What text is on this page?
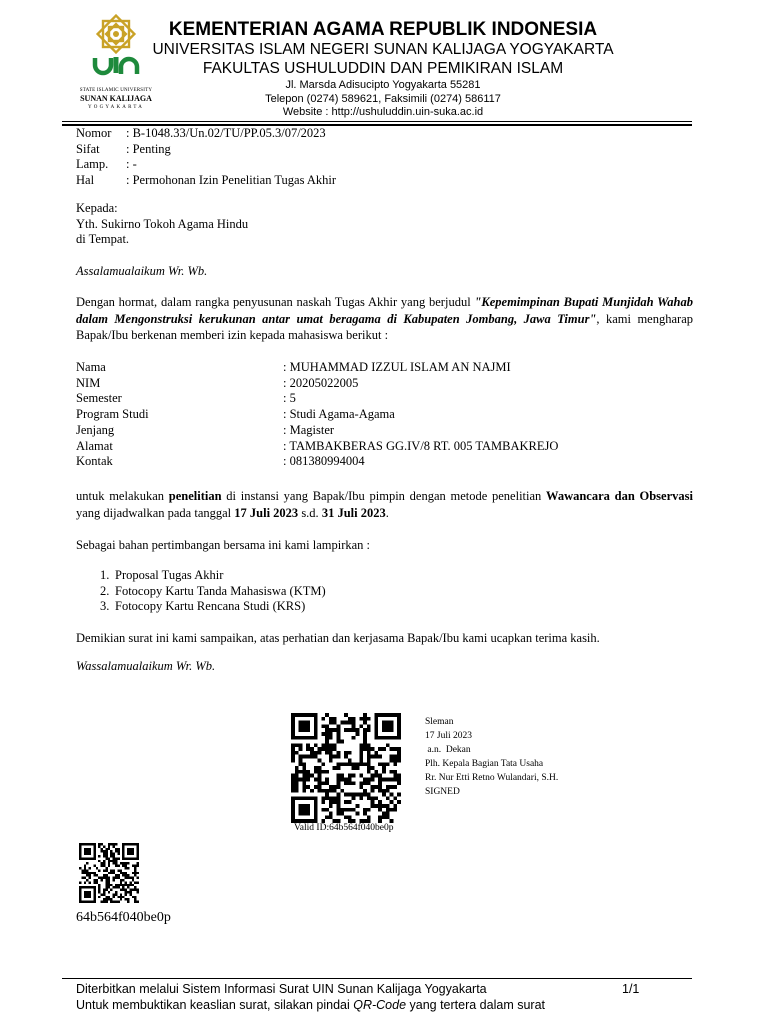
STATE ISLAMIC UNIVERSITY
SUNAN KALIJAGA
YOGYAKARTA
KEMENTERIAN AGAMA REPUBLIK INDONESIA
UNIVERSITAS ISLAM NEGERI SUNAN KALIJAGA YOGYAKARTA
FAKULTAS USHULUDDIN DAN PEMIKIRAN ISLAM
Jl. Marsda Adisucipto Yogyakarta 55281
Telepon (0274) 589621, Faksimili (0274) 586117
Website : http://ushuluddin.uin-suka.ac.id
Nomor : B-1048.33/Un.02/TU/PP.05.3/07/2023
Sifat : Penting
Lamp. : -
Hal	: Permohonan Izin Penelitian Tugas Akhir
Kepada:
Yth. Sukirno Tokoh Agama Hindu
di Tempat.
Assalamualaikum Wr. Wb.
Dengan hormat, dalam rangka penyusunan naskah Tugas Akhir yang berjudul "Kepemimpinan Bupati Munjidah Wahab dalam Mengonstruksi kerukunan antar umat beragama di Kabupaten Jombang, Jawa Timur", kami mengharap Bapak/Ibu berkenan memberi izin kepada mahasiswa berikut :
Nama	: MUHAMMAD IZZUL ISLAM AN NAJMI
NIM	: 20205022005
Semester	: 5
Program Studi	: Studi Agama-Agama
Jenjang	: Magister
Alamat	: TAMBAKBERAS GG.IV/8 RT. 005 TAMBAKREJO
Kontak	: 081380994004
untuk melakukan penelitian di instansi yang Bapak/Ibu pimpin dengan metode penelitian Wawancara dan Observasi yang dijadwalkan pada tanggal 17 Juli 2023 s.d. 31 Juli 2023.
Sebagai bahan pertimbangan bersama ini kami lampirkan :
1. Proposal Tugas Akhir
2. Fotocopy Kartu Tanda Mahasiswa (KTM)
3. Fotocopy Kartu Rencana Studi (KRS)
Demikian surat ini kami sampaikan, atas perhatian dan kerjasama Bapak/Ibu kami ucapkan terima kasih.
Wassalamualaikum Wr. Wb.
Valid ID:64b564f040be0p
Sleman
17 Juli 2023
a.n.  Dekan
Plh. Kepala Bagian Tata Usaha
Rr. Nur Etti Retno Wulandari, S.H.
SIGNED
64b564f040be0p
Diterbitkan melalui Sistem Informasi Surat UIN Sunan Kalijaga Yogyakarta	1/1
Untuk membuktikan keaslian surat, silakan pindai QR-Code yang tertera dalam surat
